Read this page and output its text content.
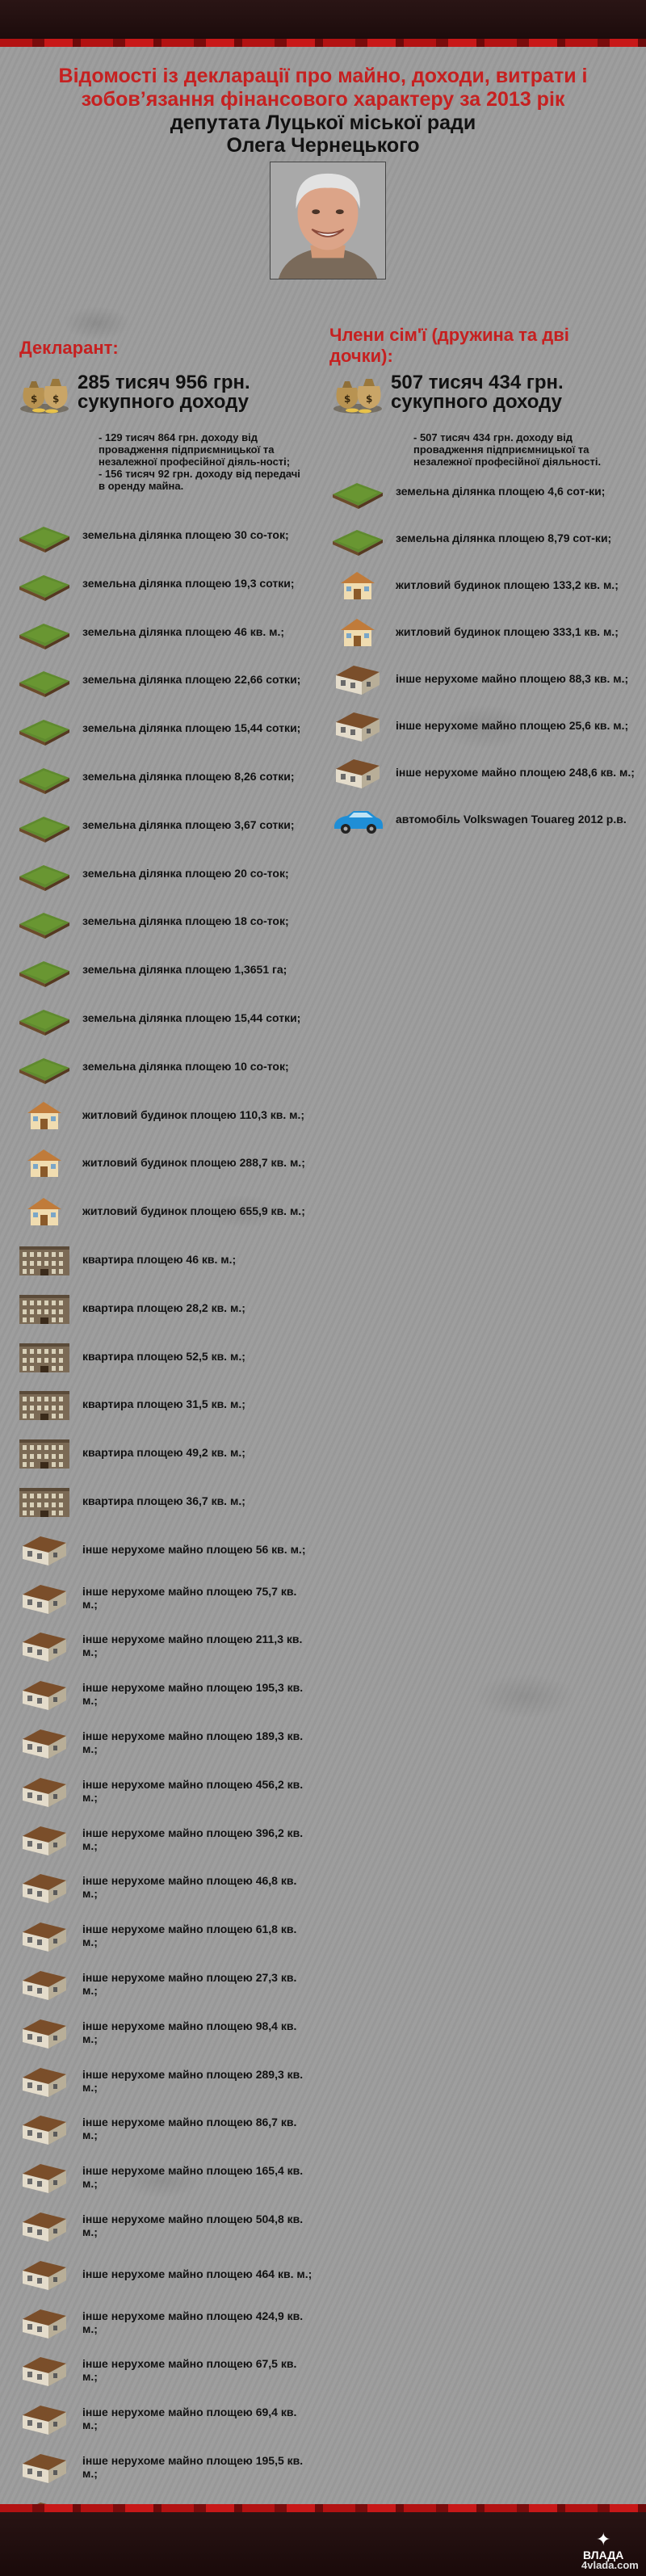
Відомості із декларації про майно, доходи, витрати і зобов’язання фінансового характеру за 2013 рік
депутата Луцької міської ради
Олега Чернецького
Декларант:
Члени сім'ї (дружина та дві дочки):
$ $
285 тисяч 956 грн. сукупного доходу	$ $
507 тисяч 434 грн. сукупного доходу
- 129 тисяч 864 грн. доходу від провадження підприємницької та незалежної професійної діяль-ності;
- 156 тисяч 92 грн. доходу від передачі в оренду майна.
- 507 тисяч 434 грн. доходу від провадження підприємницької та незалежної професійної діяльності.
земельна ділянка площею 30 со-ток;
земельна ділянка площею 19,3 сотки;
земельна ділянка площею 46 кв. м.;
земельна ділянка площею 22,66 сотки;
земельна ділянка площею 15,44 сотки;
земельна ділянка площею 8,26 сотки;
земельна ділянка площею 3,67 сотки;
земельна ділянка площею 20 со-ток;
земельна ділянка площею 18 со-ток;
земельна ділянка площею 1,3651 га;
земельна ділянка площею 15,44 сотки;
земельна ділянка площею 10 со-ток;
житловий будинок площею 110,3 кв. м.;
житловий будинок площею 288,7 кв. м.;
житловий будинок площею 655,9 кв. м.;
квартира площею 46 кв. м.;
квартира площею 28,2 кв. м.;
квартира площею 52,5 кв. м.;
квартира площею 31,5 кв. м.;
квартира площею 49,2 кв. м.;
квартира площею 36,7 кв. м.;
інше нерухоме майно площею 56 кв. м.;
інше нерухоме майно площею 75,7 кв. м.;
інше нерухоме майно площею 211,3 кв. м.;
інше нерухоме майно площею 195,3 кв. м.;
інше нерухоме майно площею 189,3 кв. м.;
інше нерухоме майно площею 456,2 кв. м.;
інше нерухоме майно площею 396,2 кв. м.;
інше нерухоме майно площею 46,8 кв. м.;
інше нерухоме майно площею 61,8 кв. м.;
інше нерухоме майно площею 27,3 кв. м.;
інше нерухоме майно площею 98,4 кв. м.;
інше нерухоме майно площею 289,3 кв. м.;
інше нерухоме майно площею 86,7 кв. м.;
інше нерухоме майно площею 165,4 кв. м.;
інше нерухоме майно площею 504,8 кв. м.;
інше нерухоме майно площею 464 кв. м.;
інше нерухоме майно площею 424,9 кв. м.;
інше нерухоме майно площею 67,5 кв. м.;
інше нерухоме майно площею 69,4 кв. м.;
інше нерухоме майно площею 195,5 кв. м.;
земельна ділянка площею 4,6 сот-ки;
земельна ділянка площею 8,79 сот-ки;
житловий будинок площею 133,2 кв. м.;
житловий будинок площею 333,1 кв. м.;
інше нерухоме майно площею 88,3 кв. м.;
інше нерухоме майно площею 25,6 кв. м.;
інше нерухоме майно площею 248,6 кв. м.;
автомобіль Volkswagen Touareg 2012 р.в.
✦
ВЛАДА
4vlada.com
